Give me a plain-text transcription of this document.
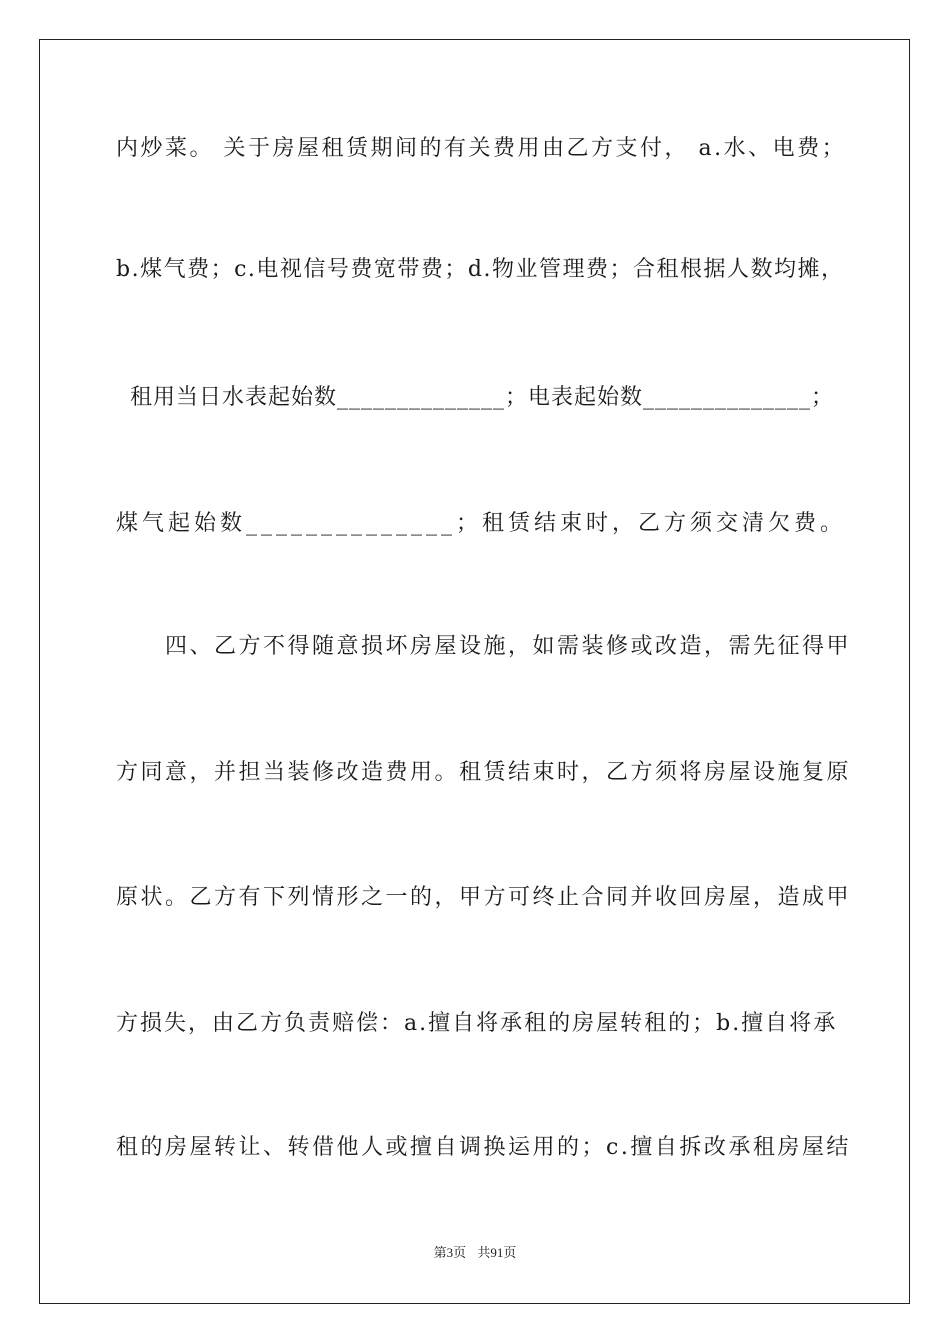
内炒菜。 关于房屋租赁期间的有关费用由乙方支付， a.水、电费；
b.煤气费；c.电视信号费宽带费；d.物业管理费；合租根据人数均摊，
租用当日水表起始数______________；电表起始数______________；
煤气起始数______________；租赁结束时，乙方须交清欠费。
四、乙方不得随意损坏房屋设施，如需装修或改造，需先征得甲
方同意，并担当装修改造费用。租赁结束时，乙方须将房屋设施复原
原状。乙方有下列情形之一的，甲方可终止合同并收回房屋，造成甲
方损失，由乙方负责赔偿：a.擅自将承租的房屋转租的；b.擅自将承
租的房屋转让、转借他人或擅自调换运用的；c.擅自拆改承租房屋结
第3页 共91页
